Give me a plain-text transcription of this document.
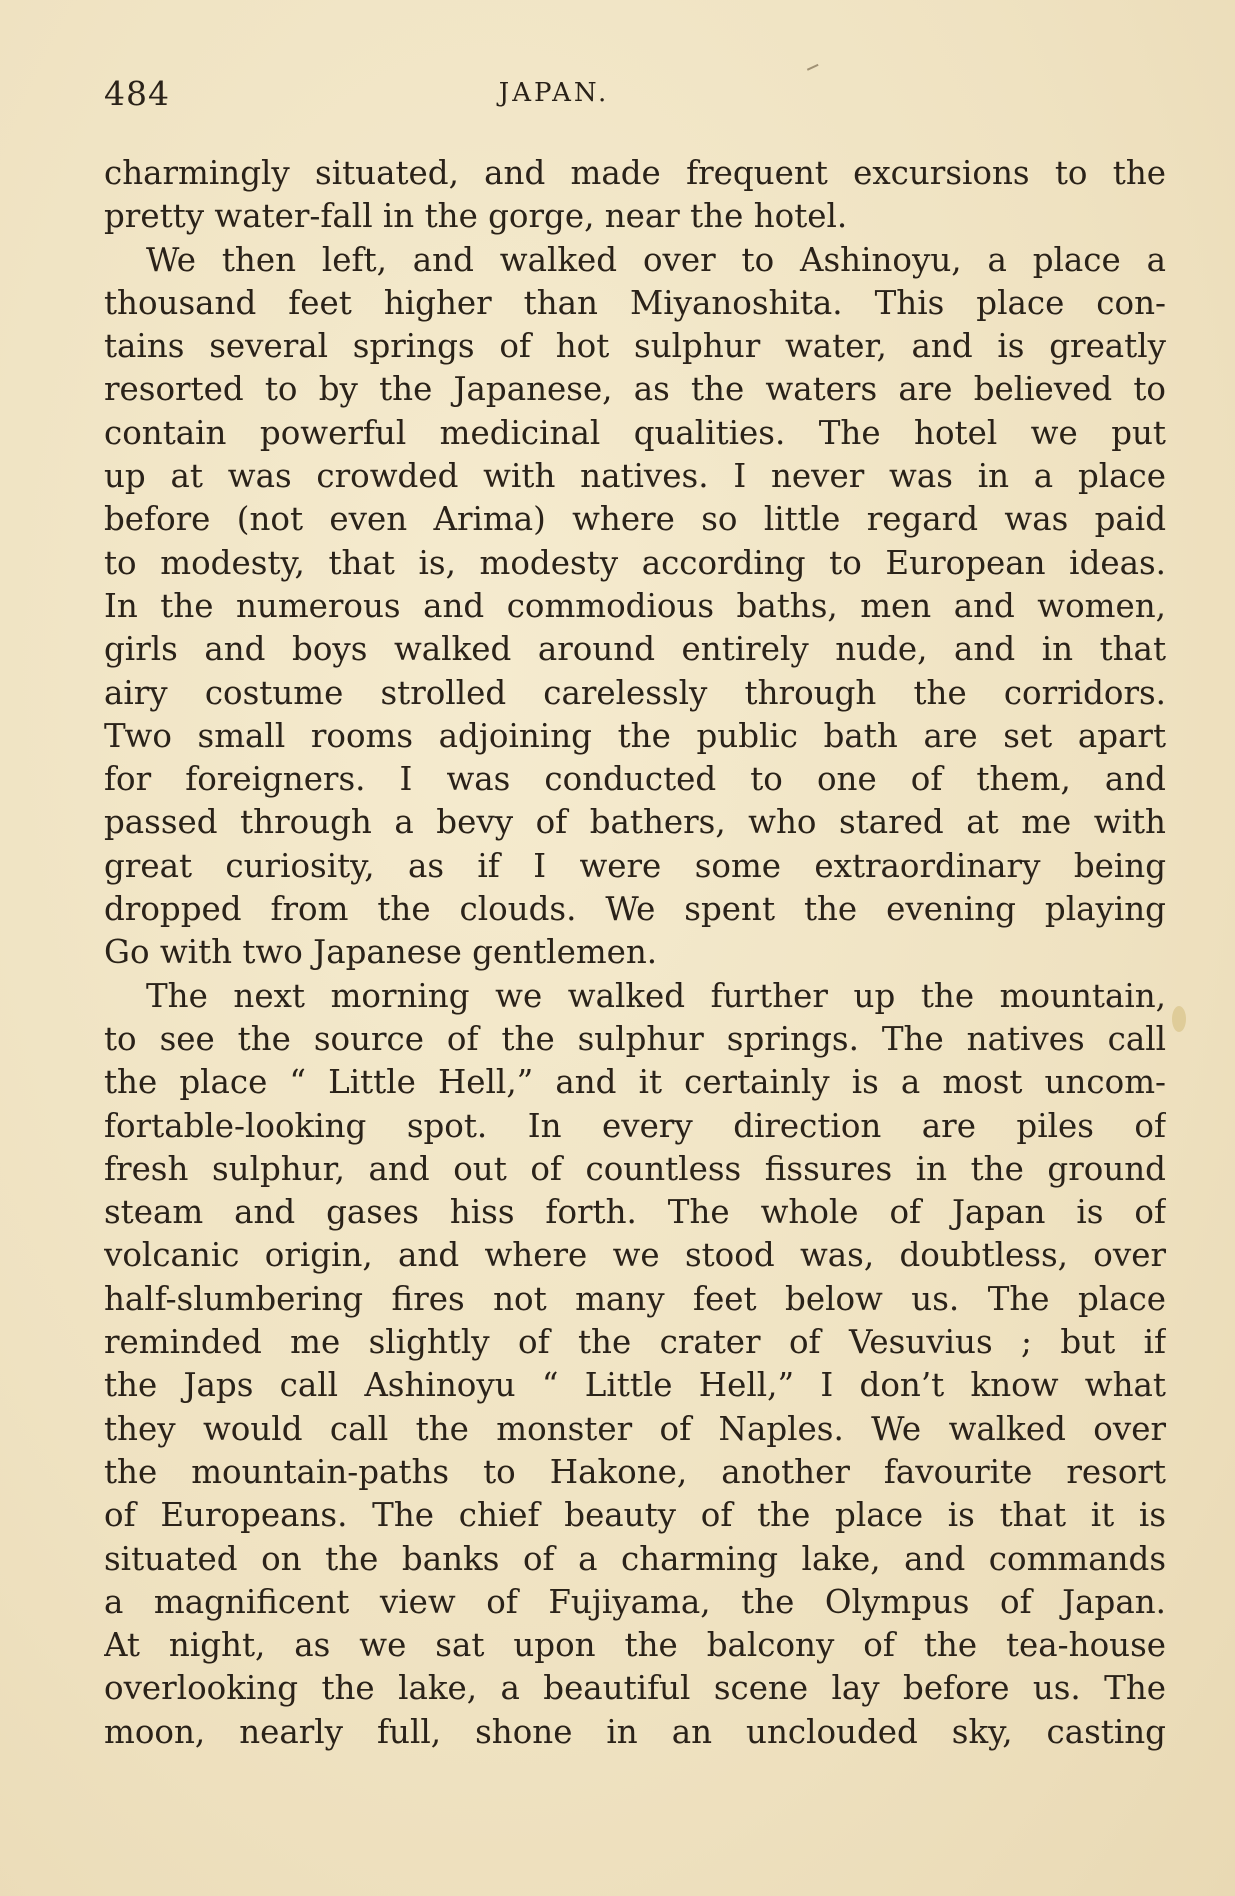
484	JAPAN.
charmingly situated, and made frequent excursions to the
pretty water-fall in the gorge, near the hotel.
We then left, and walked over to Ashinoyu, a place a
thousand feet higher than Miyanoshita. This place con-
tains several springs of hot sulphur water, and is greatly
resorted to by the Japanese, as the waters are believed to
contain powerful medicinal qualities. The hotel we put
up at was crowded with natives. I never was in a place
before (not even Arima) where so little regard was paid
to modesty, that is, modesty according to European ideas.
In the numerous and commodious baths, men and women,
girls and boys walked around entirely nude, and in that
airy costume strolled carelessly through the corridors.
Two small rooms adjoining the public bath are set apart
for foreigners. I was conducted to one of them, and
passed through a bevy of bathers, who stared at me with
great curiosity, as if I were some extraordinary being
dropped from the clouds. We spent the evening playing
Go with two Japanese gentlemen.
The next morning we walked further up the mountain,
to see the source of the sulphur springs. The natives call
the place “ Little Hell,” and it certainly is a most uncom-
fortable-looking spot. In every direction are piles of
fresh sulphur, and out of countless fissures in the ground
steam and gases hiss forth. The whole of Japan is of
volcanic origin, and where we stood was, doubtless, over
half-slumbering fires not many feet below us. The place
reminded me slightly of the crater of Vesuvius ; but if
the Japs call Ashinoyu “ Little Hell,” I don’t know what
they would call the monster of Naples. We walked over
the mountain-paths to Hakone, another favourite resort
of Europeans. The chief beauty of the place is that it is
situated on the banks of a charming lake, and commands
a magnificent view of Fujiyama, the Olympus of Japan.
At night, as we sat upon the balcony of the tea-house
overlooking the lake, a beautiful scene lay before us. The
moon, nearly full, shone in an unclouded sky, casting
